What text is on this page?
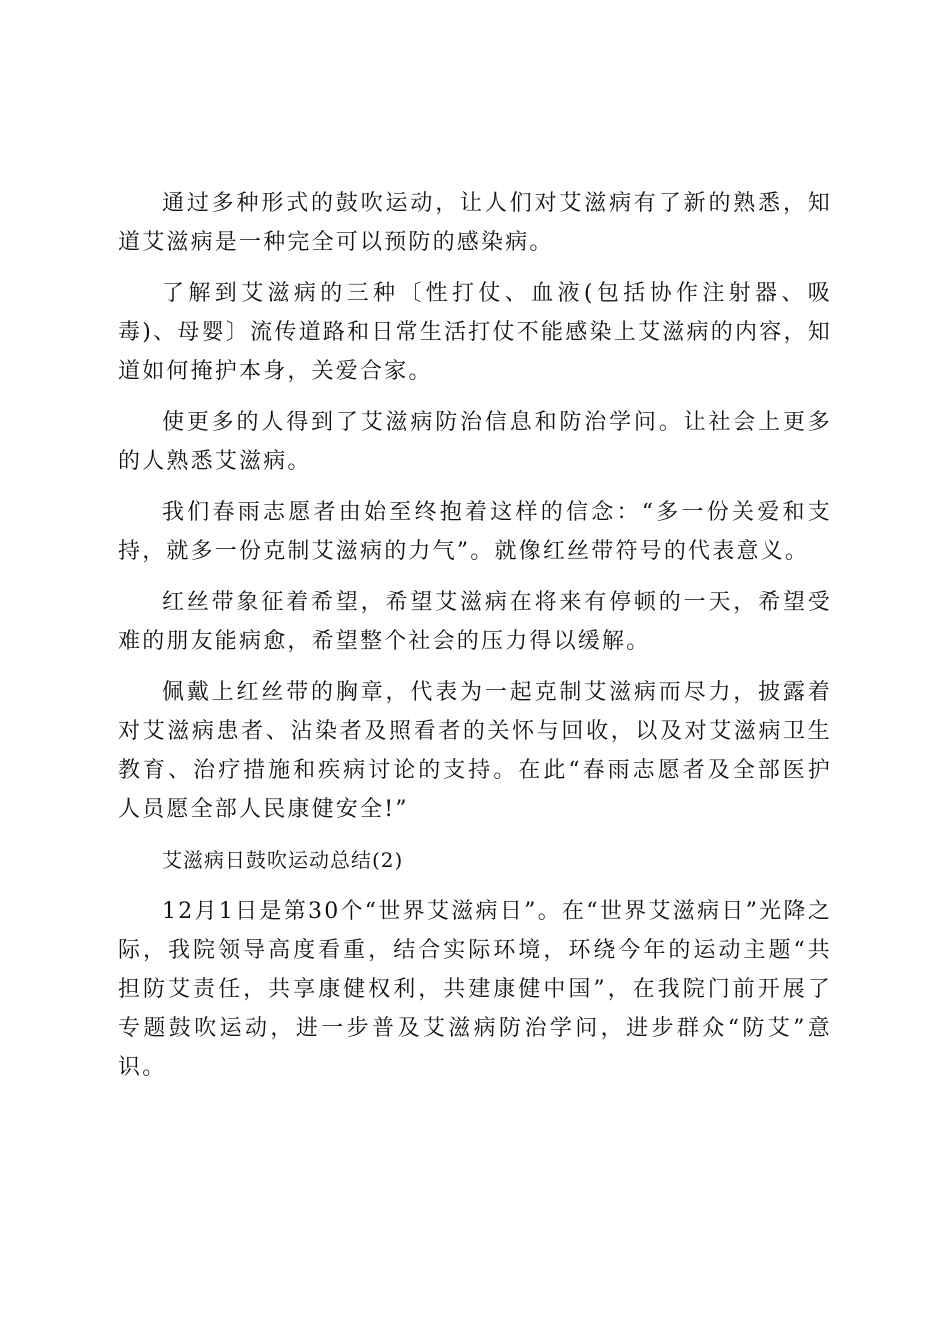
通过多种形式的鼓吹运动，让人们对艾滋病有了新的熟悉，知道艾滋病是一种完全可以预防的感染病。

了解到艾滋病的三种〔性打仗、血液(包括协作注射器、吸毒)、母婴〕流传道路和日常生活打仗不能感染上艾滋病的内容，知道如何掩护本身，关爱合家。

使更多的人得到了艾滋病防治信息和防治学问。让社会上更多的人熟悉艾滋病。

我们春雨志愿者由始至终抱着这样的信念：“多一份关爱和支持，就多一份克制艾滋病的力气”。就像红丝带符号的代表意义。

红丝带象征着希望，希望艾滋病在将来有停顿的一天，希望受难的朋友能病愈，希望整个社会的压力得以缓解。

佩戴上红丝带的胸章，代表为一起克制艾滋病而尽力，披露着对艾滋病患者、沾染者及照看者的关怀与回收，以及对艾滋病卫生教育、治疗措施和疾病讨论的支持。在此“春雨志愿者及全部医护人员愿全部人民康健安全!”

艾滋病日鼓吹运动总结(2)

12月1日是第30个“世界艾滋病日”。在“世界艾滋病日”光降之际，我院领导高度看重，结合实际环境，环绕今年的运动主题“共担防艾责任，共享康健权利，共建康健中国”，在我院门前开展了专题鼓吹运动，进一步普及艾滋病防治学问，进步群众“防艾”意识。
